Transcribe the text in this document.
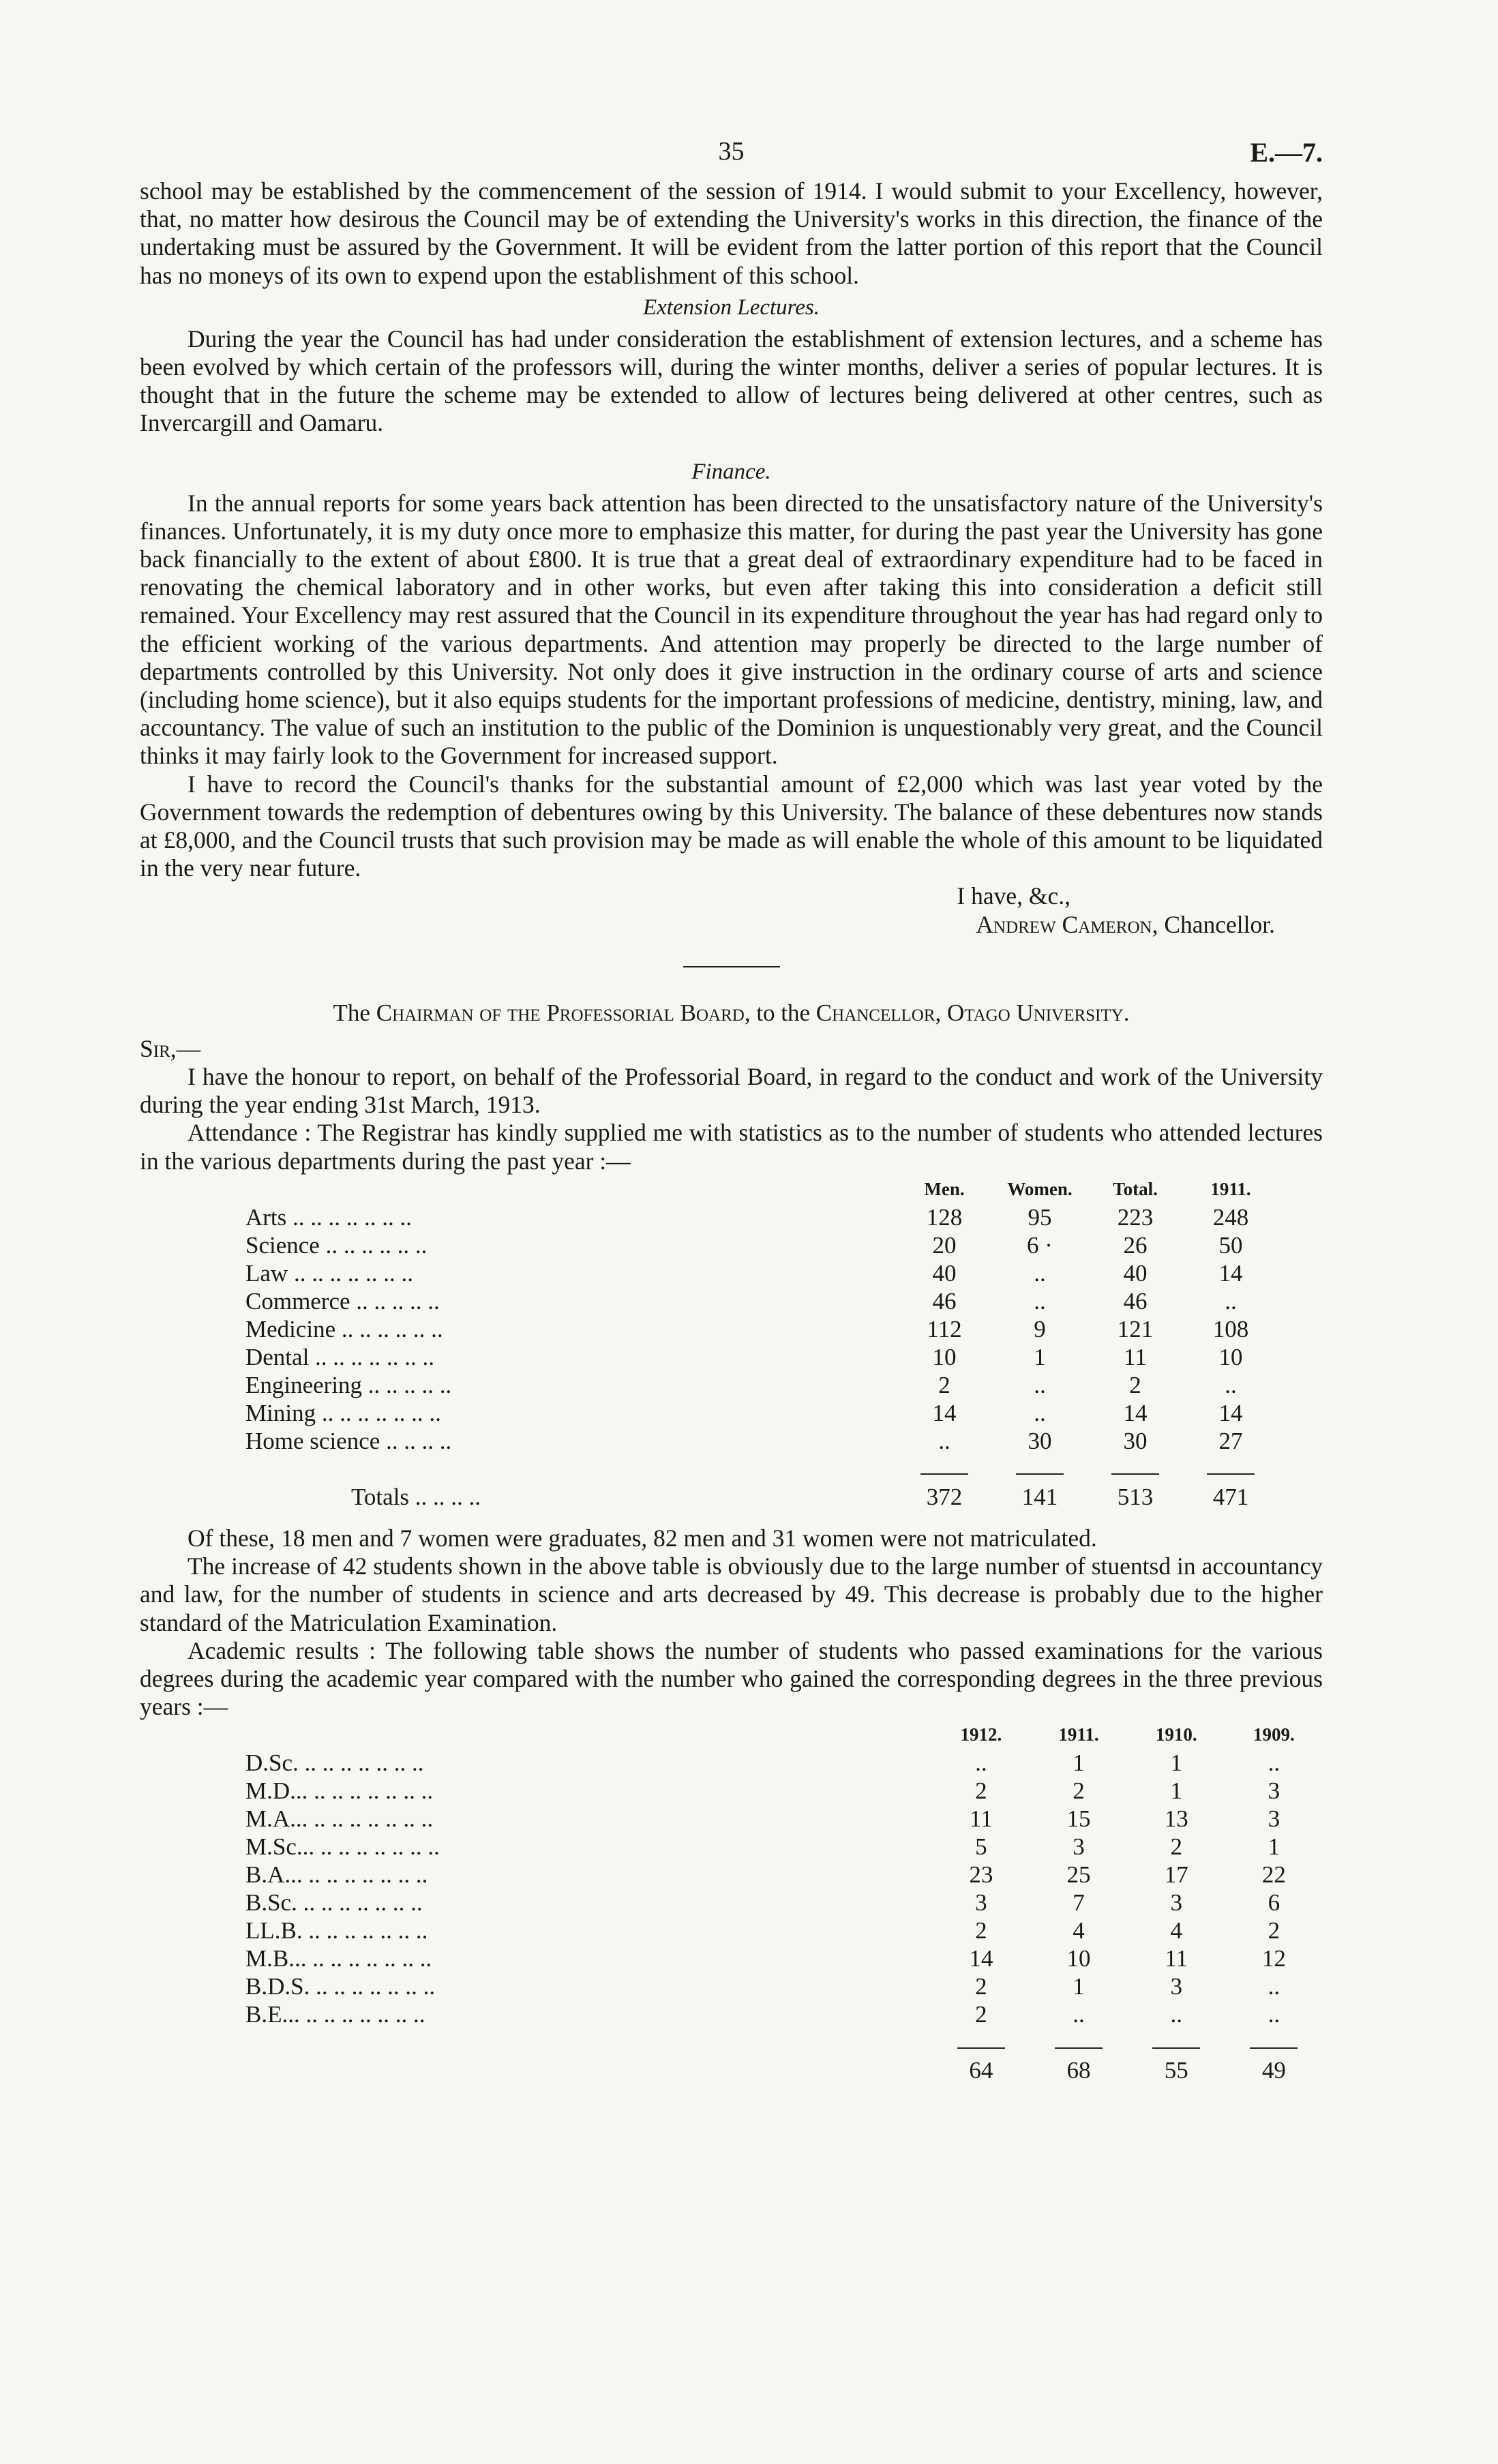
35	E.—7.

school may be established by the commencement of the session of 1914. I would submit to your Excellency, however, that, no matter how desirous the Council may be of extending the University's works in this direction, the finance of the undertaking must be assured by the Government. It will be evident from the latter portion of this report that the Council has no moneys of its own to expend upon the establishment of this school.

Extension Lectures.

During the year the Council has had under consideration the establishment of extension lectures, and a scheme has been evolved by which certain of the professors will, during the winter months, deliver a series of popular lectures. It is thought that in the future the scheme may be extended to allow of lectures being delivered at other centres, such as Invercargill and Oamaru.

Finance.

In the annual reports for some years back attention has been directed to the unsatisfactory nature of the University's finances. Unfortunately, it is my duty once more to emphasize this matter, for during the past year the University has gone back financially to the extent of about £800. It is true that a great deal of extraordinary expenditure had to be faced in renovating the chemical laboratory and in other works, but even after taking this into consideration a deficit still remained. Your Excellency may rest assured that the Council in its expenditure throughout the year has had regard only to the efficient working of the various departments. And attention may properly be directed to the large number of departments controlled by this University. Not only does it give instruction in the ordinary course of arts and science (including home science), but it also equips students for the important professions of medicine, dentistry, mining, law, and accountancy. The value of such an institution to the public of the Dominion is unquestionably very great, and the Council thinks it may fairly look to the Government for increased support.

I have to record the Council's thanks for the substantial amount of £2,000 which was last year voted by the Government towards the redemption of debentures owing by this University. The balance of these debentures now stands at £8,000, and the Council trusts that such provision may be made as will enable the whole of this amount to be liquidated in the very near future.

I have, &c.,

Andrew Cameron, Chancellor.

The Chairman of the Professorial Board, to the Chancellor, Otago University.

Sir,—

I have the honour to report, on behalf of the Professorial Board, in regard to the conduct and work of the University during the year ending 31st March, 1913.

Attendance : The Registrar has kindly supplied me with statistics as to the number of students who attended lectures in the various departments during the past year :—

	Men.	Women.	Total.	1911.
Arts .. .. .. .. .. .. ..	128	95	223	248
Science .. .. .. .. .. ..	20	6 ·	26	50
Law .. .. .. .. .. .. ..	40	..	40	14
Commerce .. .. .. .. ..	46	..	46	..
Medicine .. .. .. .. .. ..	112	9	121	108
Dental .. .. .. .. .. .. ..	10	1	11	10
Engineering .. .. .. .. ..	2	..	2	..
Mining .. .. .. .. .. .. ..	14	..	14	14
Home science .. .. .. ..	..	30	30	27

Totals .. .. .. ..	372	141	513	471

Of these, 18 men and 7 women were graduates, 82 men and 31 women were not matriculated.

The increase of 42 students shown in the above table is obviously due to the large number of stuentsd in accountancy and law, for the number of students in science and arts decreased by 49. This decrease is probably due to the higher standard of the Matriculation Examination.

Academic results : The following table shows the number of students who passed examinations for the various degrees during the academic year compared with the number who gained the corresponding degrees in the three previous years :—

	1912.	1911.	1910.	1909.
D.Sc. .. .. .. .. .. .. ..	..	1	1	..
M.D... .. .. .. .. .. .. ..	2	2	1	3
M.A... .. .. .. .. .. .. ..	11	15	13	3
M.Sc... .. .. .. .. .. .. ..	5	3	2	1
B.A... .. .. .. .. .. .. ..	23	25	17	22
B.Sc. .. .. .. .. .. .. ..	3	7	3	6
LL.B. .. .. .. .. .. .. ..	2	4	4	2
M.B... .. .. .. .. .. .. ..	14	10	11	12
B.D.S. .. .. .. .. .. .. ..	2	1	3	..
B.E... .. .. .. .. .. .. ..	2	..	..	..

	64	68	55	49
